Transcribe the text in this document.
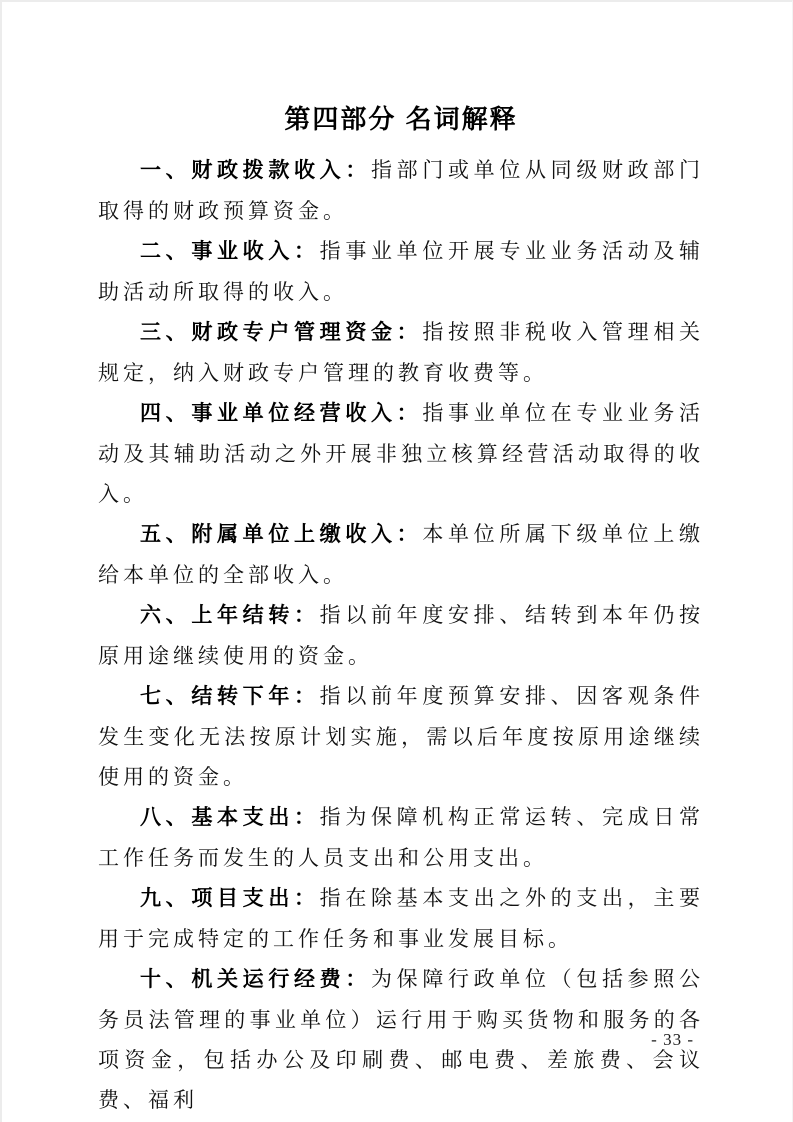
第四部分 名词解释

一、财政拨款收入：指部门或单位从同级财政部门取得的财政预算资金。

二、事业收入：指事业单位开展专业业务活动及辅助活动所取得的收入。

三、财政专户管理资金：指按照非税收入管理相关规定，纳入财政专户管理的教育收费等。

四、事业单位经营收入：指事业单位在专业业务活动及其辅助活动之外开展非独立核算经营活动取得的收入。

五、附属单位上缴收入：本单位所属下级单位上缴给本单位的全部收入。

六、上年结转：指以前年度安排、结转到本年仍按原用途继续使用的资金。

七、结转下年：指以前年度预算安排、因客观条件发生变化无法按原计划实施，需以后年度按原用途继续使用的资金。

八、基本支出：指为保障机构正常运转、完成日常工作任务而发生的人员支出和公用支出。

九、项目支出：指在除基本支出之外的支出，主要用于完成特定的工作任务和事业发展目标。

十、机关运行经费：为保障行政单位（包括参照公务员法管理的事业单位）运行用于购买货物和服务的各项资金，包括办公及印刷费、邮电费、差旅费、会议费、福利

- 33 -
